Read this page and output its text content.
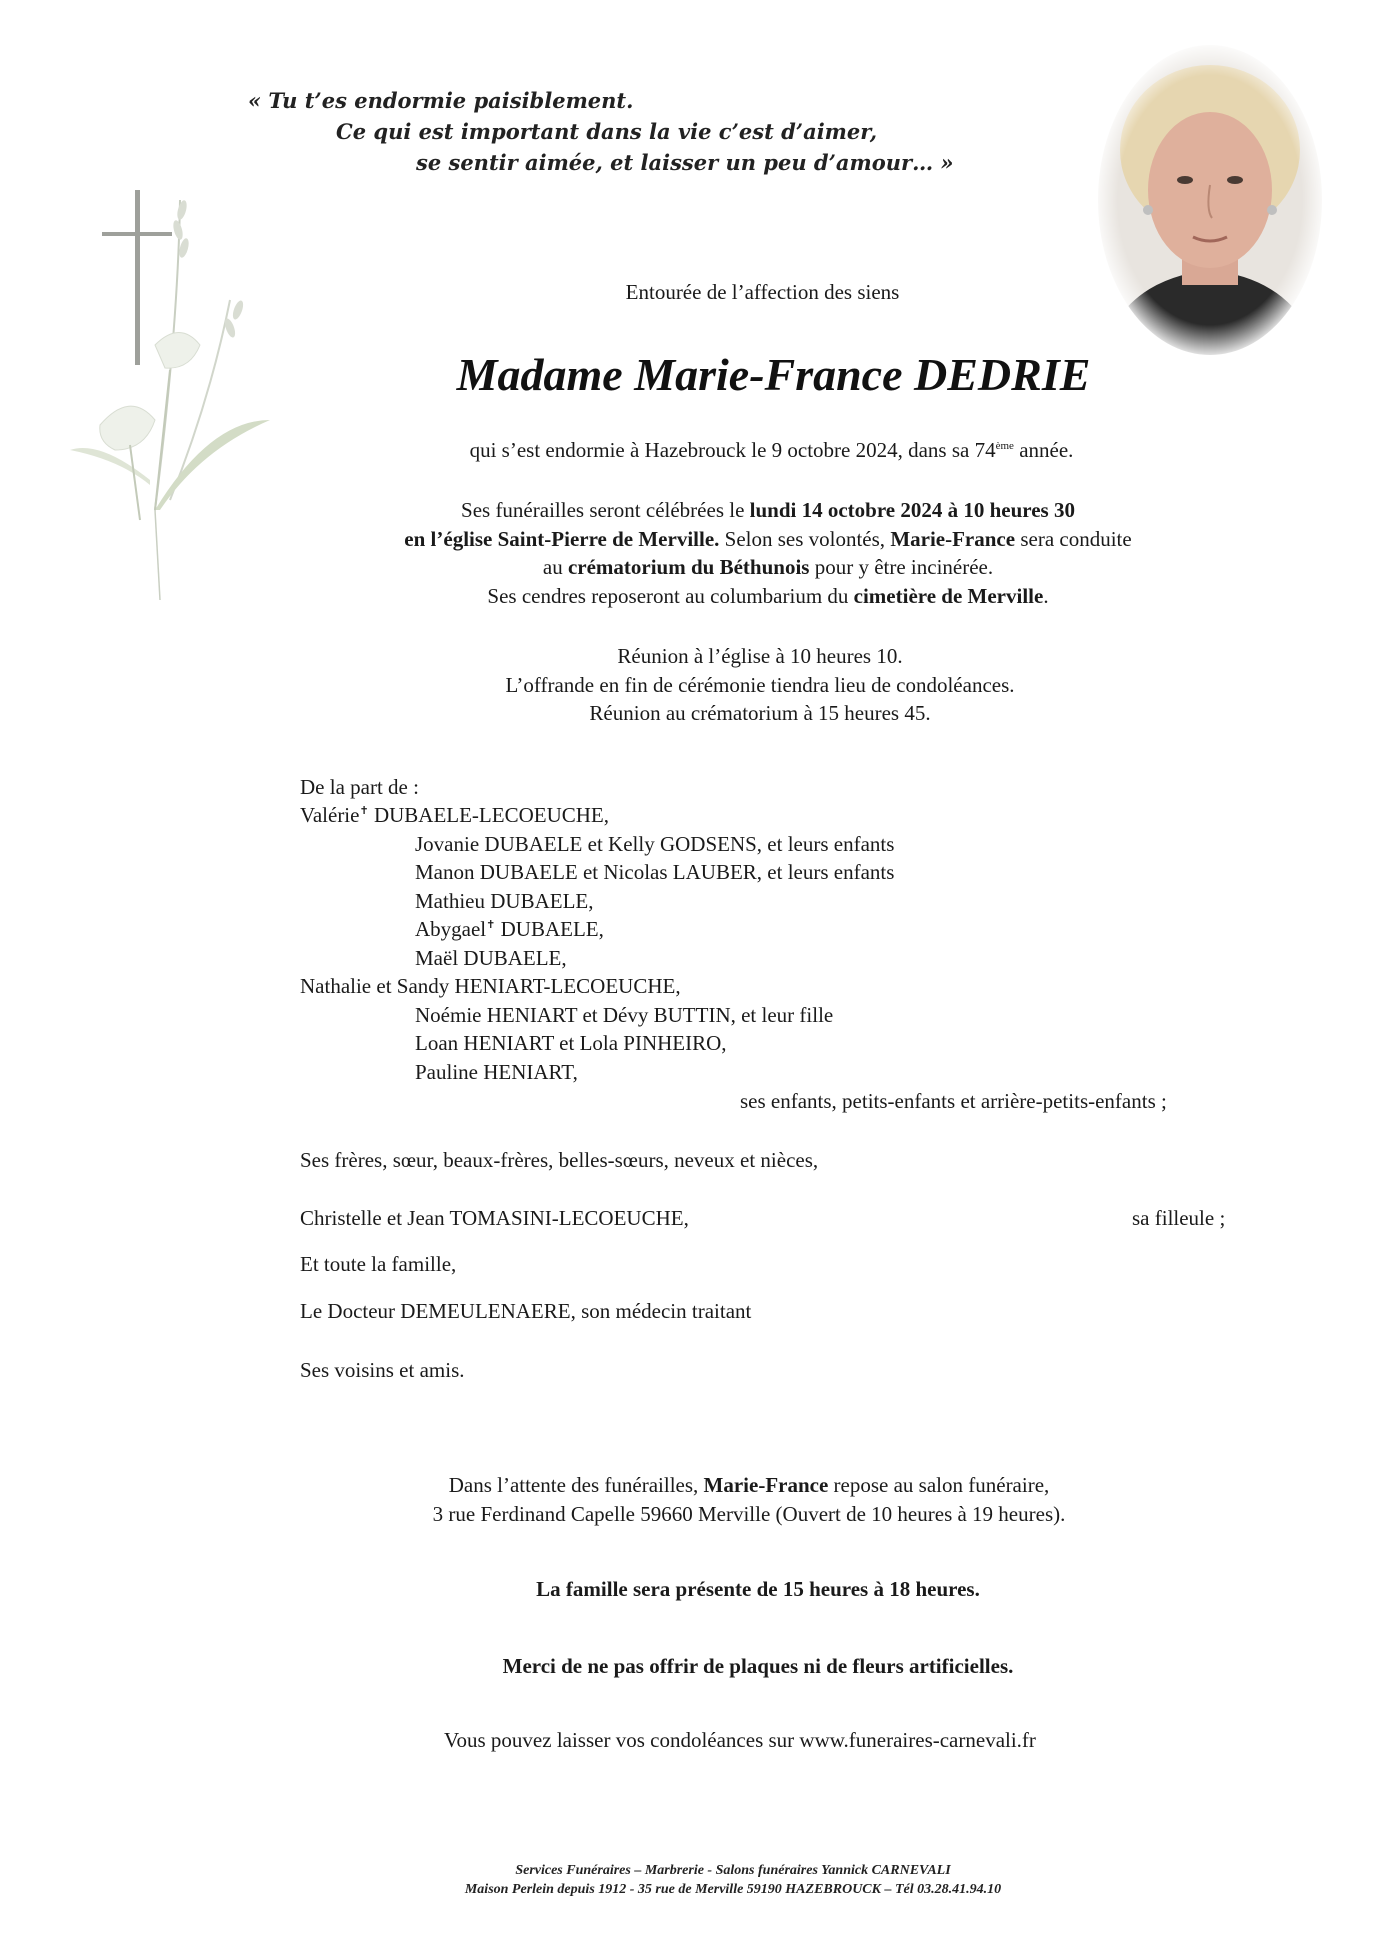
« Tu t’es endormie paisiblement.
Ce qui est important dans la vie c’est d’aimer,
se sentir aimée, et laisser un peu d’amour… »
Entourée de l’affection des siens
Madame Marie-France DEDRIE
qui s’est endormie à Hazebrouck le 9 octobre 2024, dans sa 74ème année.
Ses funérailles seront célébrées le lundi 14 octobre 2024 à 10 heures 30
en l’église Saint-Pierre de Merville. Selon ses volontés, Marie-France sera conduite
au crématorium du Béthunois pour y être incinérée.
Ses cendres reposeront au columbarium du cimetière de Merville.
Réunion à l’église à 10 heures 10.
L’offrande en fin de cérémonie tiendra lieu de condoléances.
Réunion au crématorium à 15 heures 45.
De la part de :
Valérie✝ DUBAELE-LECOEUCHE,
Jovanie DUBAELE et Kelly GODSENS, et leurs enfants
Manon DUBAELE et Nicolas LAUBER, et leurs enfants
Mathieu DUBAELE,
Abygael✝ DUBAELE,
Maël DUBAELE,
Nathalie et Sandy HENIART-LECOEUCHE,
Noémie HENIART et Dévy BUTTIN, et leur fille
Loan HENIART et Lola PINHEIRO,
Pauline HENIART,
ses enfants, petits-enfants et arrière-petits-enfants ;
Ses frères, sœur, beaux-frères, belles-sœurs, neveux et nièces,
Christelle et Jean TOMASINI-LECOEUCHE,	sa filleule ;
Et toute la famille,
Le Docteur DEMEULENAERE, son médecin traitant
Ses voisins et amis.
Dans l’attente des funérailles, Marie-France repose au salon funéraire,
3 rue Ferdinand Capelle 59660 Merville (Ouvert de 10 heures à 19 heures).
La famille sera présente de 15 heures à 18 heures.
Merci de ne pas offrir de plaques ni de fleurs artificielles.
Vous pouvez laisser vos condoléances sur www.funeraires-carnevali.fr
Services Funéraires – Marbrerie - Salons funéraires Yannick CARNEVALI
Maison Perlein depuis 1912 - 35 rue de Merville 59190 HAZEBROUCK – Tél 03.28.41.94.10
